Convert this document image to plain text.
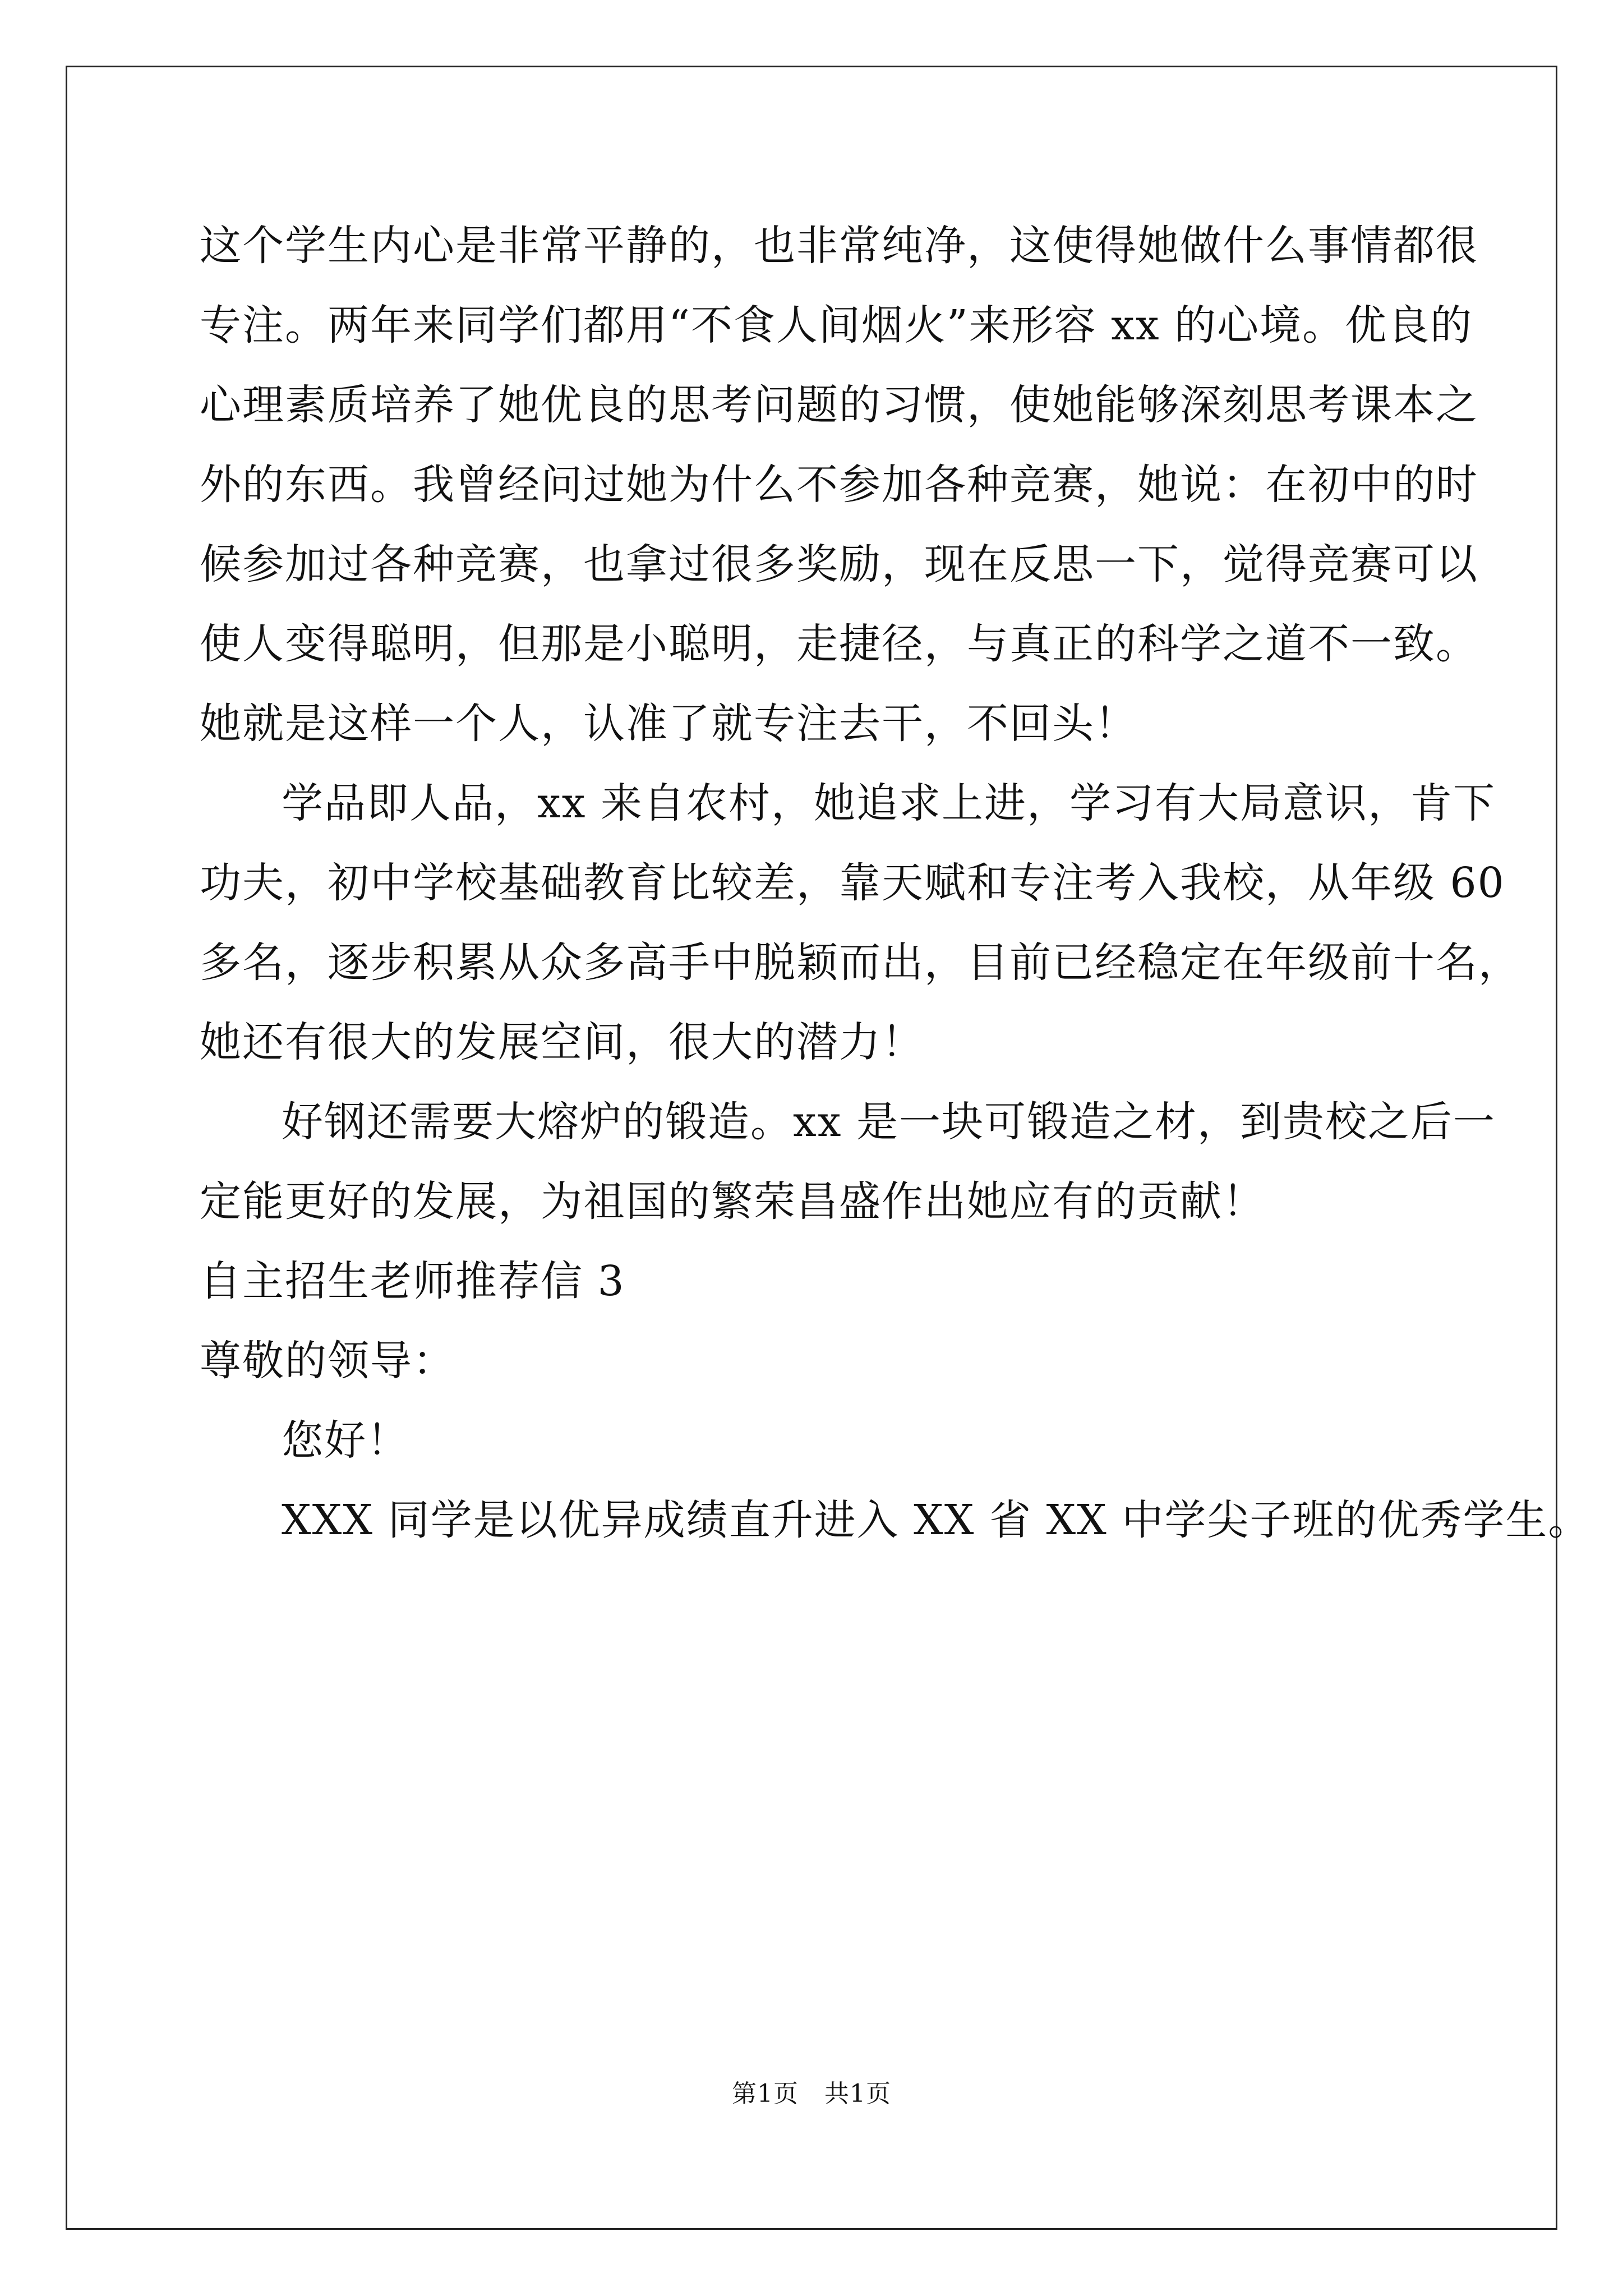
这个学生内心是非常平静的，也非常纯净，这使得她做什么事情都很
专注。两年来同学们都用“不食人间烟火”来形容 xx 的心境。优良的
心理素质培养了她优良的思考问题的习惯，使她能够深刻思考课本之
外的东西。我曾经问过她为什么不参加各种竞赛，她说：在初中的时
候参加过各种竞赛，也拿过很多奖励，现在反思一下，觉得竞赛可以
使人变得聪明，但那是小聪明，走捷径，与真正的科学之道不一致。
她就是这样一个人，认准了就专注去干，不回头！
学品即人品，xx 来自农村，她追求上进，学习有大局意识，肯下
功夫，初中学校基础教育比较差，靠天赋和专注考入我校，从年级 60
多名，逐步积累从众多高手中脱颖而出，目前已经稳定在年级前十名，
她还有很大的发展空间，很大的潜力！
好钢还需要大熔炉的锻造。xx 是一块可锻造之材，到贵校之后一
定能更好的发展，为祖国的繁荣昌盛作出她应有的贡献！
自主招生老师推荐信 3
尊敬的领导：
您好！
XXX 同学是以优异成绩直升进入 XX 省 XX 中学尖子班的优秀学生。
第1页 共1页
